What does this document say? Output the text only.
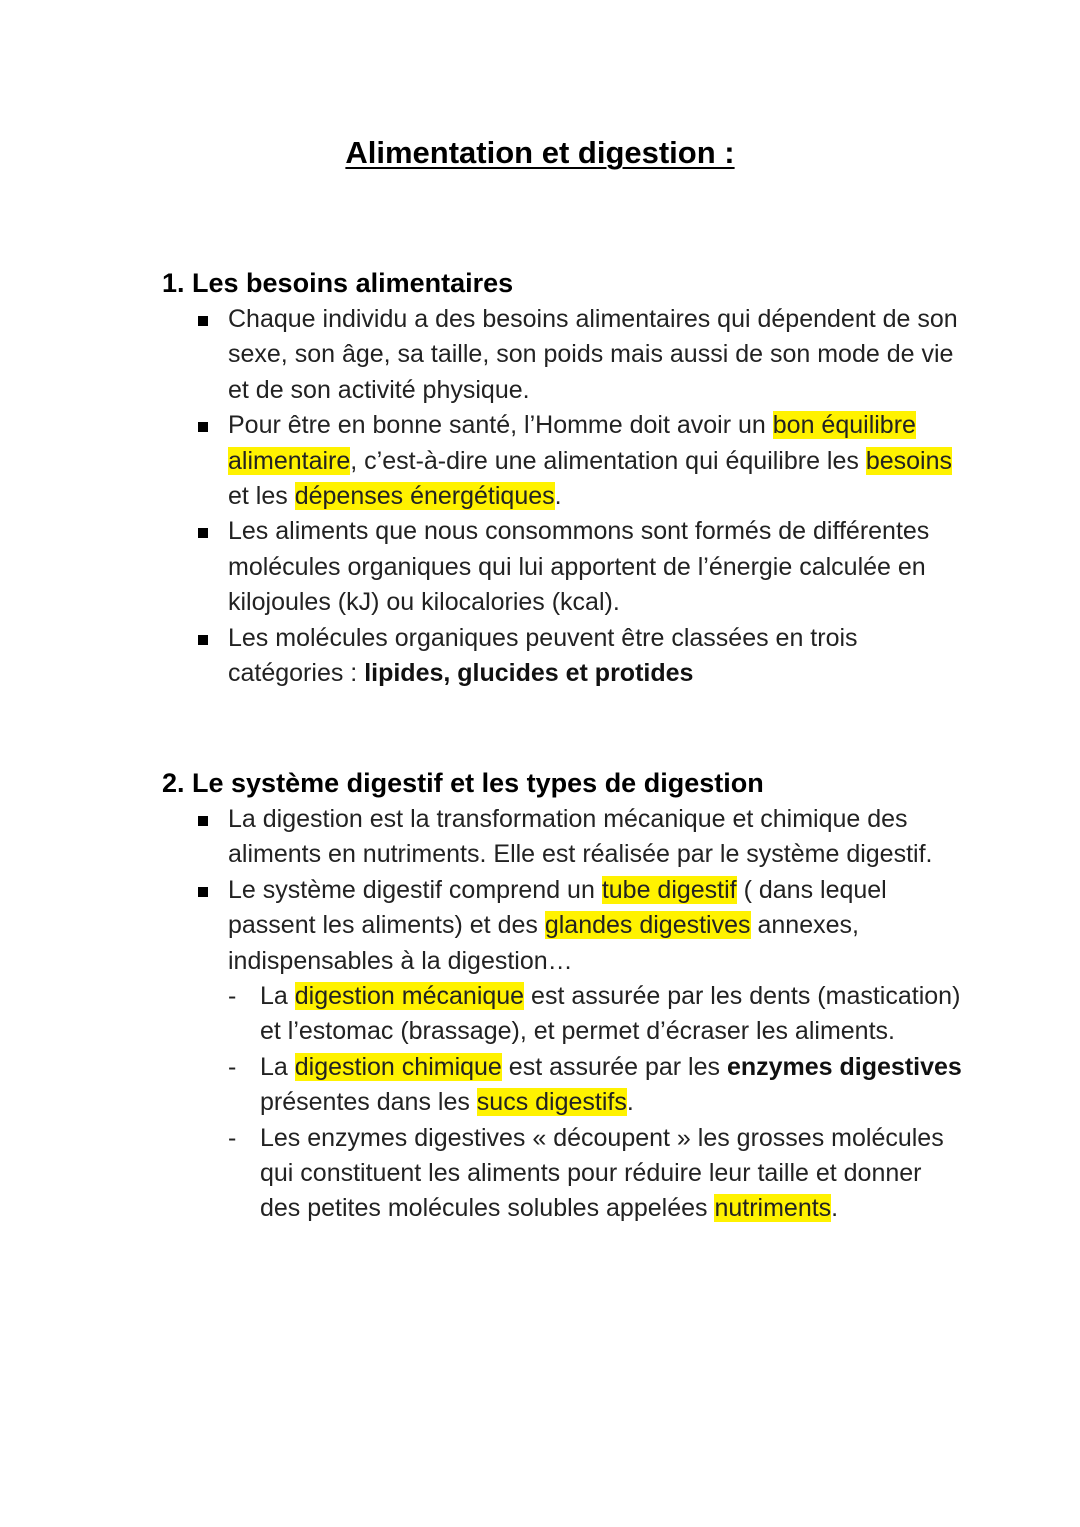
Alimentation et digestion :
1. Les besoins alimentaires
Chaque individu a des besoins alimentaires qui dépendent de son sexe, son âge, sa taille, son poids mais aussi de son mode de vie et de son activité physique.
Pour être en bonne santé, l’Homme doit avoir un bon équilibre alimentaire, c’est-à-dire une alimentation qui équilibre les besoins et les dépenses énergétiques.
Les aliments que nous consommons sont formés de différentes molécules organiques qui lui apportent de l’énergie calculée en kilojoules (kJ) ou kilocalories (kcal).
Les molécules organiques peuvent être classées en trois catégories : lipides, glucides et protides
2. Le système digestif et les types de digestion
La digestion est la transformation mécanique et chimique des aliments en nutriments. Elle est réalisée par le système digestif.
Le système digestif comprend un tube digestif ( dans lequel passent les aliments) et des glandes digestives annexes, indispensables à la digestion…
- La digestion mécanique est assurée par les dents (mastication) et l’estomac (brassage), et permet d’écraser les aliments.
- La digestion chimique est assurée par les enzymes digestives présentes dans les sucs digestifs.
- Les enzymes digestives « découpent » les grosses molécules qui constituent les aliments pour réduire leur taille et donner des petites molécules solubles appelées nutriments.
